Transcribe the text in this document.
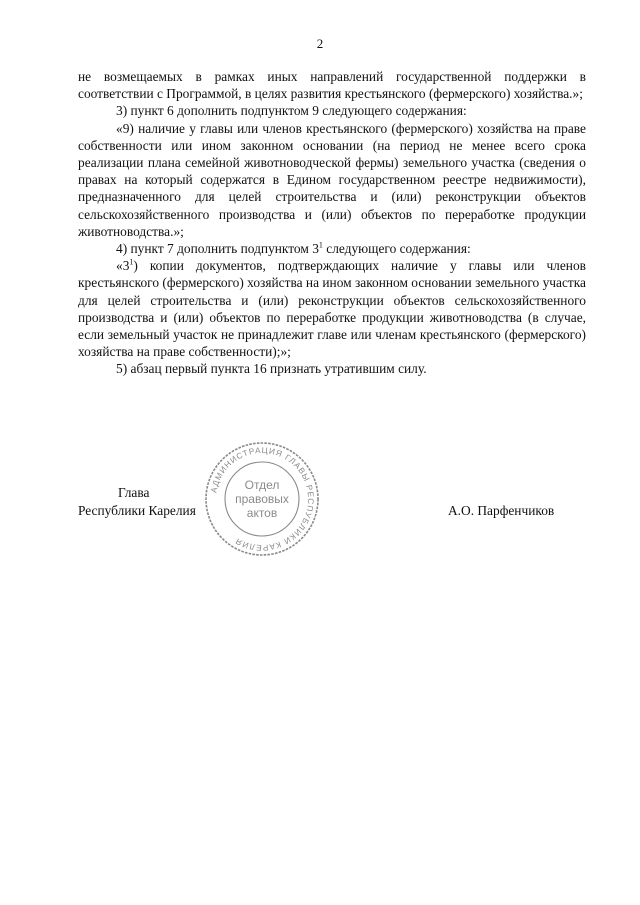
2

не возмещаемых в рамках иных направлений государственной поддержки в соответствии с Программой, в целях развития крестьянского (фермерского) хозяйства.»;

3) пункт 6 дополнить подпунктом 9 следующего содержания:

«9) наличие у главы или членов крестьянского (фермерского) хозяйства на праве собственности или ином законном основании (на период не менее всего срока реализации плана семейной животноводческой фермы) земельного участка (сведения о правах на который содержатся в Едином государственном реестре недвижимости), предназначенного для целей строительства и (или) реконструкции объектов сельскохозяйственного производства и (или) объектов по переработке продукции животноводства.»;

4) пункт 7 дополнить подпунктом $3^1$ следующего содержания:

«$3^1$) копии документов, подтверждающих наличие у главы или членов крестьянского (фермерского) хозяйства на ином законном основании земельного участка для целей строительства и (или) реконструкции объектов сельскохозяйственного производства и (или) объектов по переработке продукции животноводства (в случае, если земельный участок не принадлежит главе или членам крестьянского (фермерского) хозяйства на праве собственности);»;

5) абзац первый пункта 16 признать утратившим силу.

Глава
Республики Карелия	А.О. Парфенчиков
АДМИНИСТРАЦИЯ ГЛАВЫ РЕСПУБЛИКИ КАРЕЛИЯ
Отдел
правовых
актов
